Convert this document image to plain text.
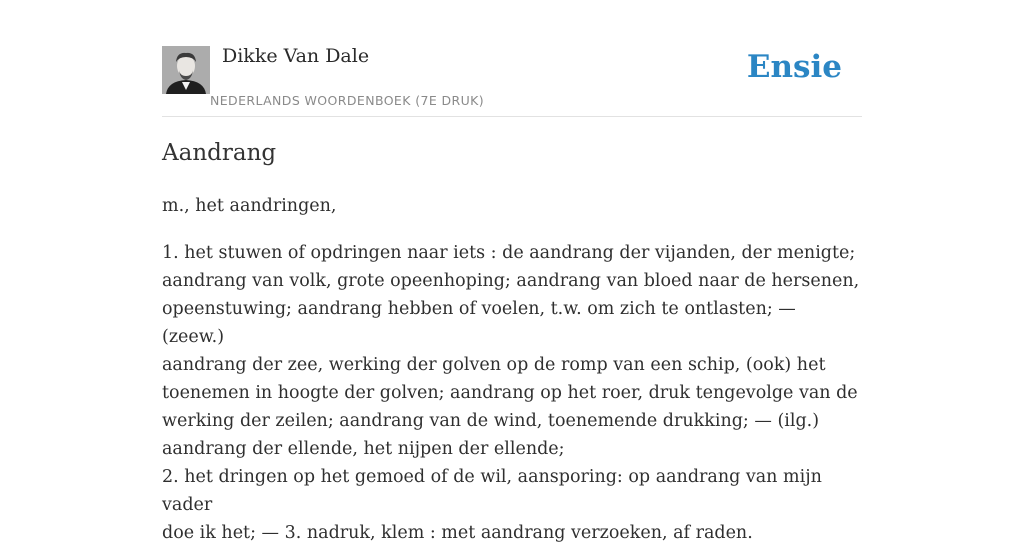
Dikke Van Dale
NEDERLANDS WOORDENBOEK (7E DRUK)
Ensie
Aandrang

m., het aandringen,

1. het stuwen of opdringen naar iets : de aandrang der vijanden, der menigte;

aandrang van volk, grote opeenhoping; aandrang van bloed naar de hersenen,

opeenstuwing; aandrang hebben of voelen, t.w. om zich te ontlasten; — (zeew.)

aandrang der zee, werking der golven op de romp van een schip, (ook) het

toenemen in hoogte der golven; aandrang op het roer, druk tengevolge van de

werking der zeilen; aandrang van de wind, toenemende drukking; — (ilg.)

aandrang der ellende, het nijpen der ellende;

2. het dringen op het gemoed of de wil, aansporing: op aandrang van mijn vader

doe ik het; — 3. nadruk, klem : met aandrang verzoeken, af raden.
